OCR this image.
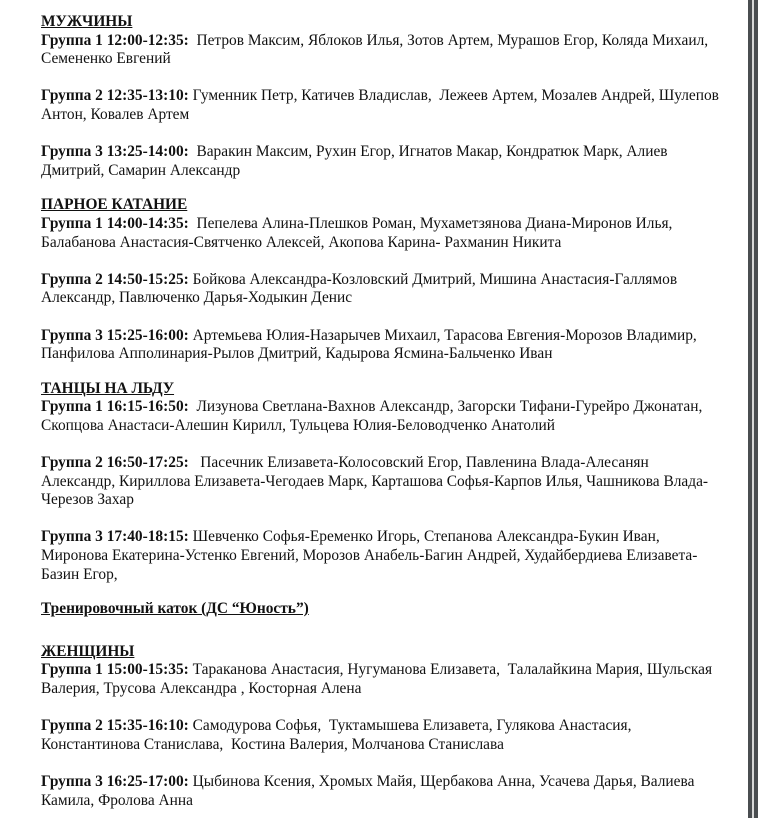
МУЖЧИНЫ
Группа 1 12:00-12:35:  Петров Максим, Яблоков Илья, Зотов Артем, Мурашов Егор, Коляда Михаил, Семененко Евгений
Группа 2 12:35-13:10: Гуменник Петр, Катичев Владислав,  Лежеев Артем, Мозалев Андрей, Шулепов Антон, Ковалев Артем
Группа 3 13:25-14:00:  Варакин Максим, Рухин Егор, Игнатов Макар, Кондратюк Марк, Алиев Дмитрий, Самарин Александр
ПАРНОЕ КАТАНИЕ
Группа 1 14:00-14:35:  Пепелева Алина-Плешков Роман, Мухаметзянова Диана-Миронов Илья,  Балабанова Анастасия-Святченко Алексей, Акопова Карина- Рахманин Никита
Группа 2 14:50-15:25: Бойкова Александра-Козловский Дмитрий, Мишина Анастасия-Галлямов Александр, Павлюченко Дарья-Ходыкин Денис
Группа 3 15:25-16:00: Артемьева Юлия-Назарычев Михаил, Тарасова Евгения-Морозов Владимир, Панфилова Апполинария-Рылов Дмитрий, Кадырова Ясмина-Бальченко Иван
ТАНЦЫ НА ЛЬДУ
Группа 1 16:15-16:50:  Лизунова Светлана-Вахнов Александр, Загорски Тифани-Гурейро Джонатан, Скопцова Анастаси-Алешин Кирилл, Тульцева Юлия-Беловодченко Анатолий
Группа 2 16:50-17:25:   Пасечник Елизавета-Колосовский Егор, Павленина Влада-Алесанян Александр, Кириллова Елизавета-Чегодаев Марк, Карташова Софья-Карпов Илья, Чашникова Влада-Черезов Захар
Группа 3 17:40-18:15: Шевченко Софья-Еременко Игорь, Степанова Александра-Букин Иван, Миронова Екатерина-Устенко Евгений, Морозов Анабель-Багин Андрей, Худайбердиева Елизавета-Базин Егор,
Тренировочный каток (ДС “Юность”)
ЖЕНЩИНЫ
Группа 1 15:00-15:35: Тараканова Анастасия, Нугуманова Елизавета,  Талалайкина Мария, Шульская Валерия, Трусова Александра , Косторная Алена
Группа 2 15:35-16:10: Самодурова Софья,  Туктамышева Елизавета, Гулякова Анастасия, Константинова Станислава,  Костина Валерия, Молчанова Станислава
Группа 3 16:25-17:00: Цыбинова Ксения, Хромых Майя, Щербакова Анна, Усачева Дарья, Валиева Камила, Фролова Анна
